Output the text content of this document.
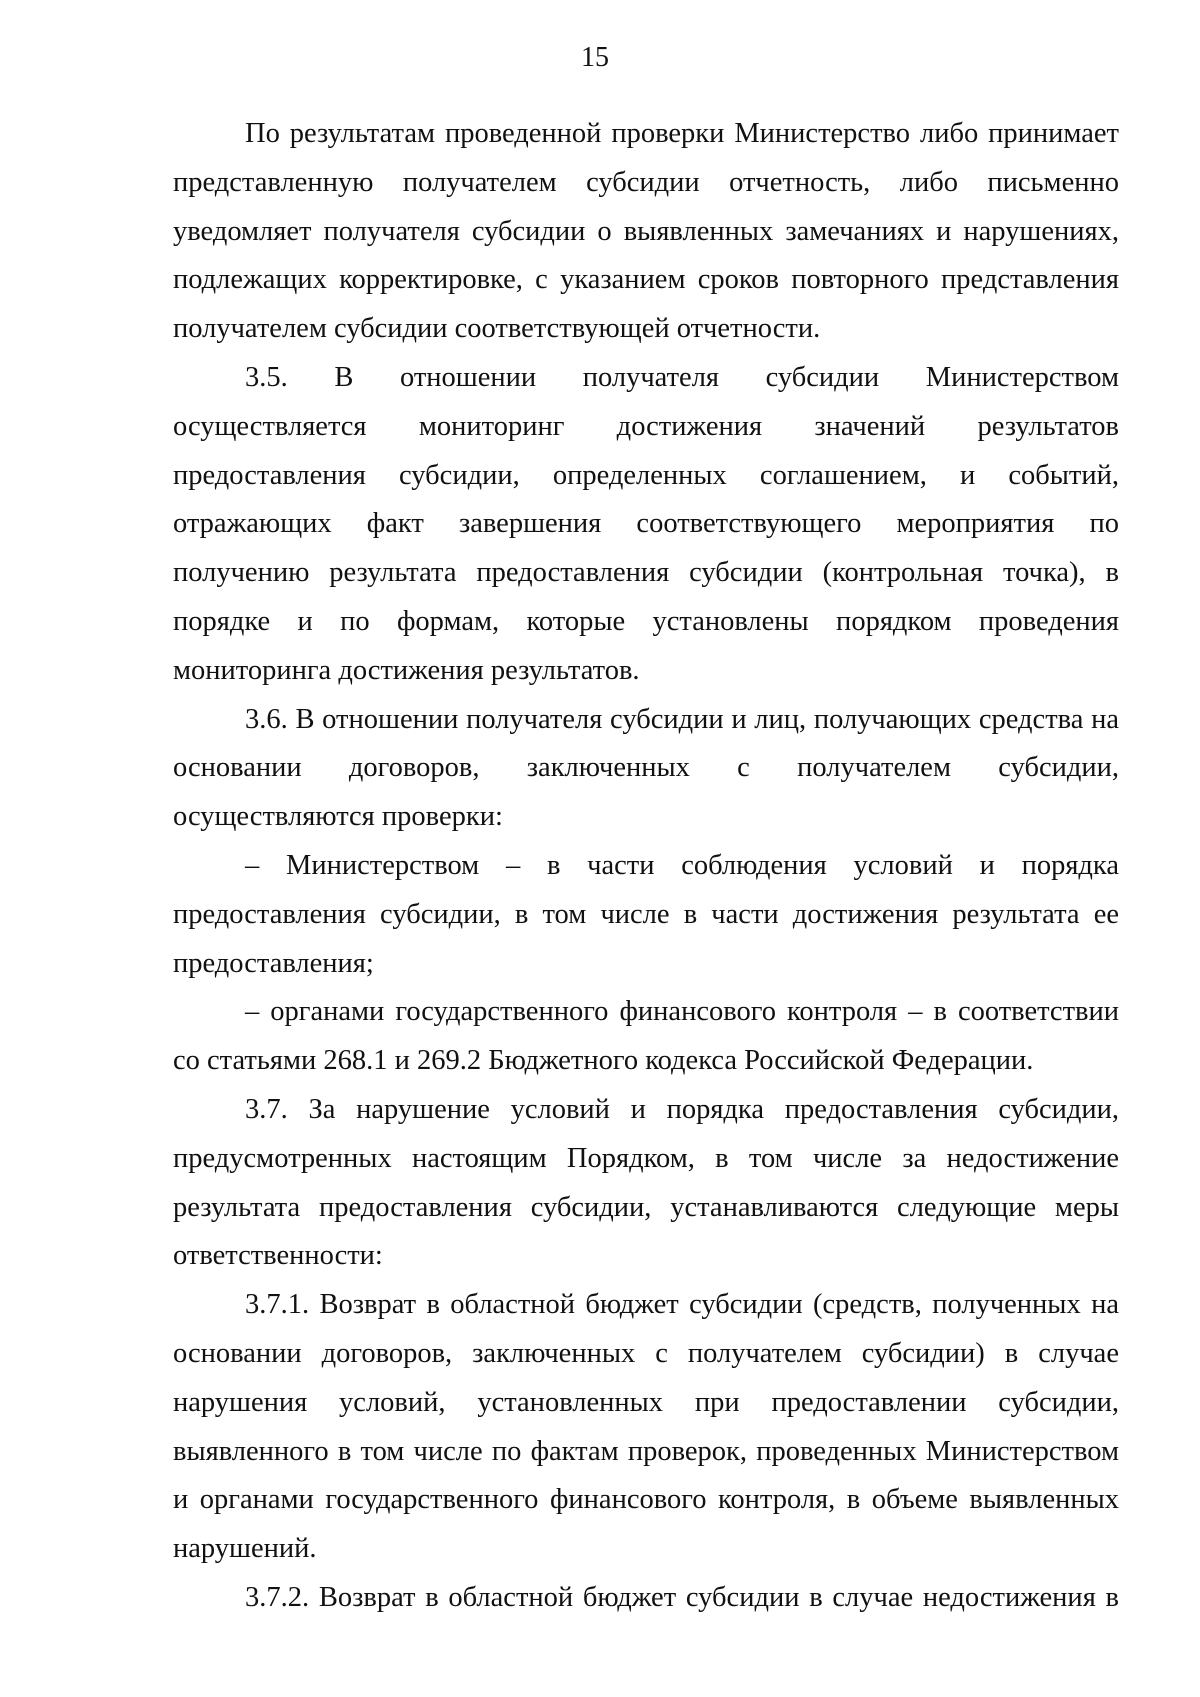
15

По результатам проведенной проверки Министерство либо принимает представленную получателем субсидии отчетность, либо письменно уведомляет получателя субсидии о выявленных замечаниях и нарушениях, подлежащих корректировке, с указанием сроков повторного представления получателем субсидии соответствующей отчетности.

3.5. В отношении получателя субсидии Министерством осуществляется мониторинг достижения значений результатов предоставления субсидии, определенных соглашением, и событий, отражающих факт завершения соответствующего мероприятия по получению результата предоставления субсидии (контрольная точка), в порядке и по формам, которые установлены порядком проведения мониторинга достижения результатов.

3.6. В отношении получателя субсидии и лиц, получающих средства на основании договоров, заключенных с получателем субсидии, осуществляются проверки:

– Министерством – в части соблюдения условий и порядка предоставления субсидии, в том числе в части достижения результата ее предоставления;

– органами государственного финансового контроля – в соответствии со статьями 268.1 и 269.2 Бюджетного кодекса Российской Федерации.

3.7. За нарушение условий и порядка предоставления субсидии, предусмотренных настоящим Порядком, в том числе за недостижение результата предоставления субсидии, устанавливаются следующие меры ответственности:

3.7.1. Возврат в областной бюджет субсидии (средств, полученных на основании договоров, заключенных с получателем субсидии) в случае нарушения условий, установленных при предоставлении субсидии, выявленного в том числе по фактам проверок, проведенных Министерством и органами государственного финансового контроля, в объеме выявленных нарушений.

3.7.2. Возврат в областной бюджет субсидии в случае недостижения в
